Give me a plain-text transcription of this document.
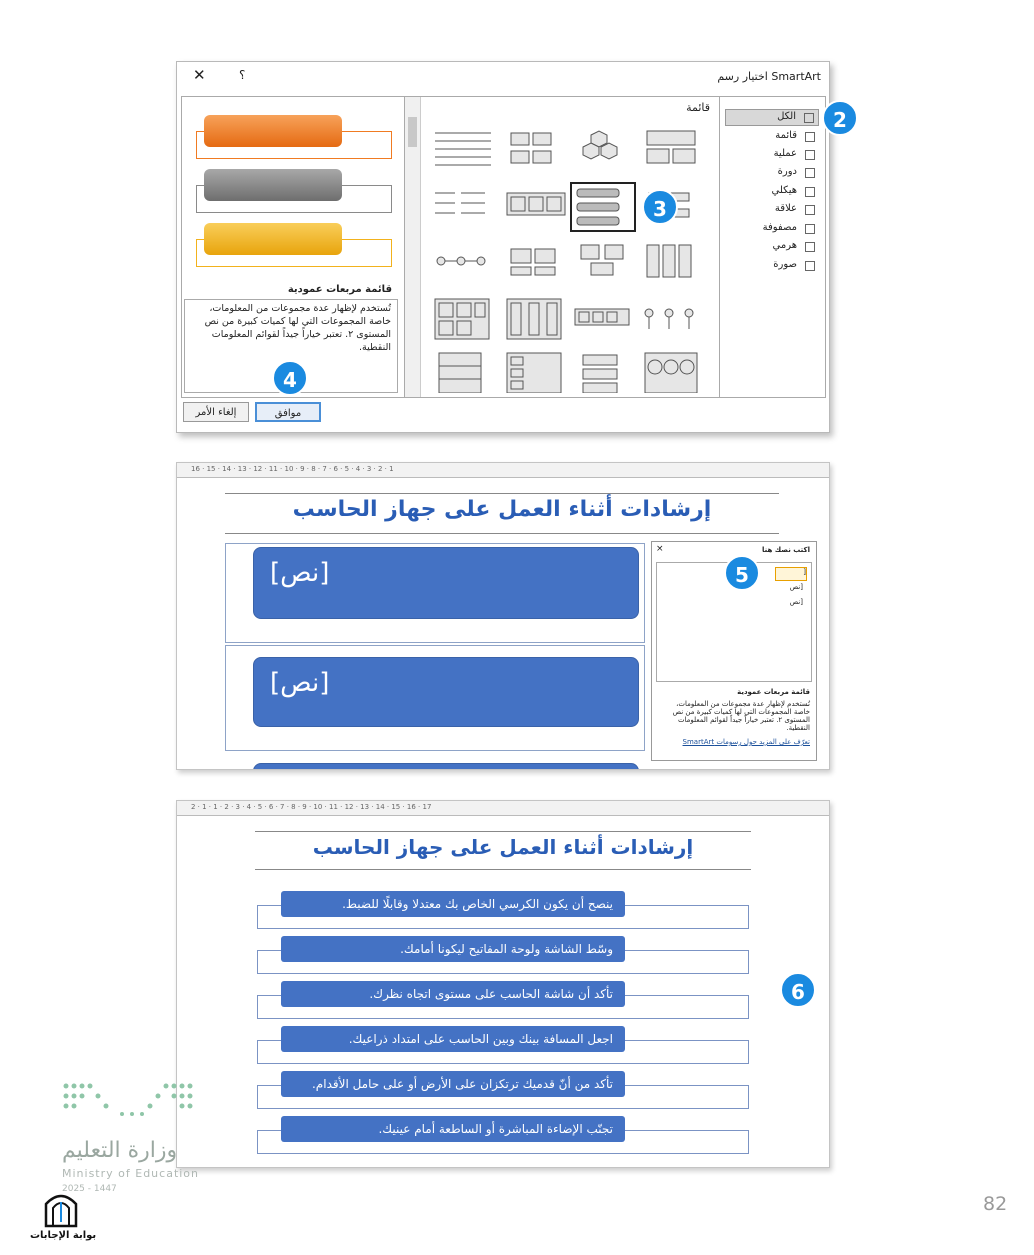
اختيار رسم SmartArt
؟
✕
الكل
قائمة
عملية
دورة
هيكلي
علاقة
مصفوفة
هرمي
صورة
قائمة
قائمة مربعات عمودية
تُستخدم لإظهار عدة مجموعات من المعلومات، خاصة المجموعات التي لها كميات كبيرة من نص المستوى ٢. تعتبر خياراً جيداً لقوائم المعلومات النقطية.
موافق
إلغاء الأمر
2
3
4
16 · 15 · 14 · 13 · 12 · 11 · 10 · 9 · 8 · 7 · 6 · 5 · 4 · 3 · 2 · 1
إرشادات أثناء العمل على جهاز الحاسب
[نص]
[نص]
اكتب نصك هنا
×
[
[نص
[نص
قائمة مربعات عمودية
تُستخدم لإظهار عدة مجموعات من المعلومات، خاصة المجموعات التي لها كميات كبيرة من نص المستوى ٢. تعتبر خياراً جيداً لقوائم المعلومات النقطية.
تعرّف على المزيد حول رسومات SmartArt
5
2 · 1 · 1 · 2 · 3 · 4 · 5 · 6 · 7 · 8 · 9 · 10 · 11 · 12 · 13 · 14 · 15 · 16 · 17
إرشادات أثناء العمل على جهاز الحاسب
ينصح أن يكون الكرسي الخاص بك معتدلا وقابلًا للضبط.
وسّط الشاشة ولوحة المفاتيح ليكونا أمامك.
تأكد أن شاشة الحاسب على مستوى اتجاه نظرك.
اجعل المسافة بينك وبين الحاسب على امتداد ذراعيك.
تأكد من أنّ قدميك ترتكزان على الأرض أو على حامل الأقدام.
تجنّب الإضاءة المباشرة أو الساطعة أمام عينيك.
6
وزارة التعليم
Ministry of Education
2025 - 1447
بوابة الإجابات
82
